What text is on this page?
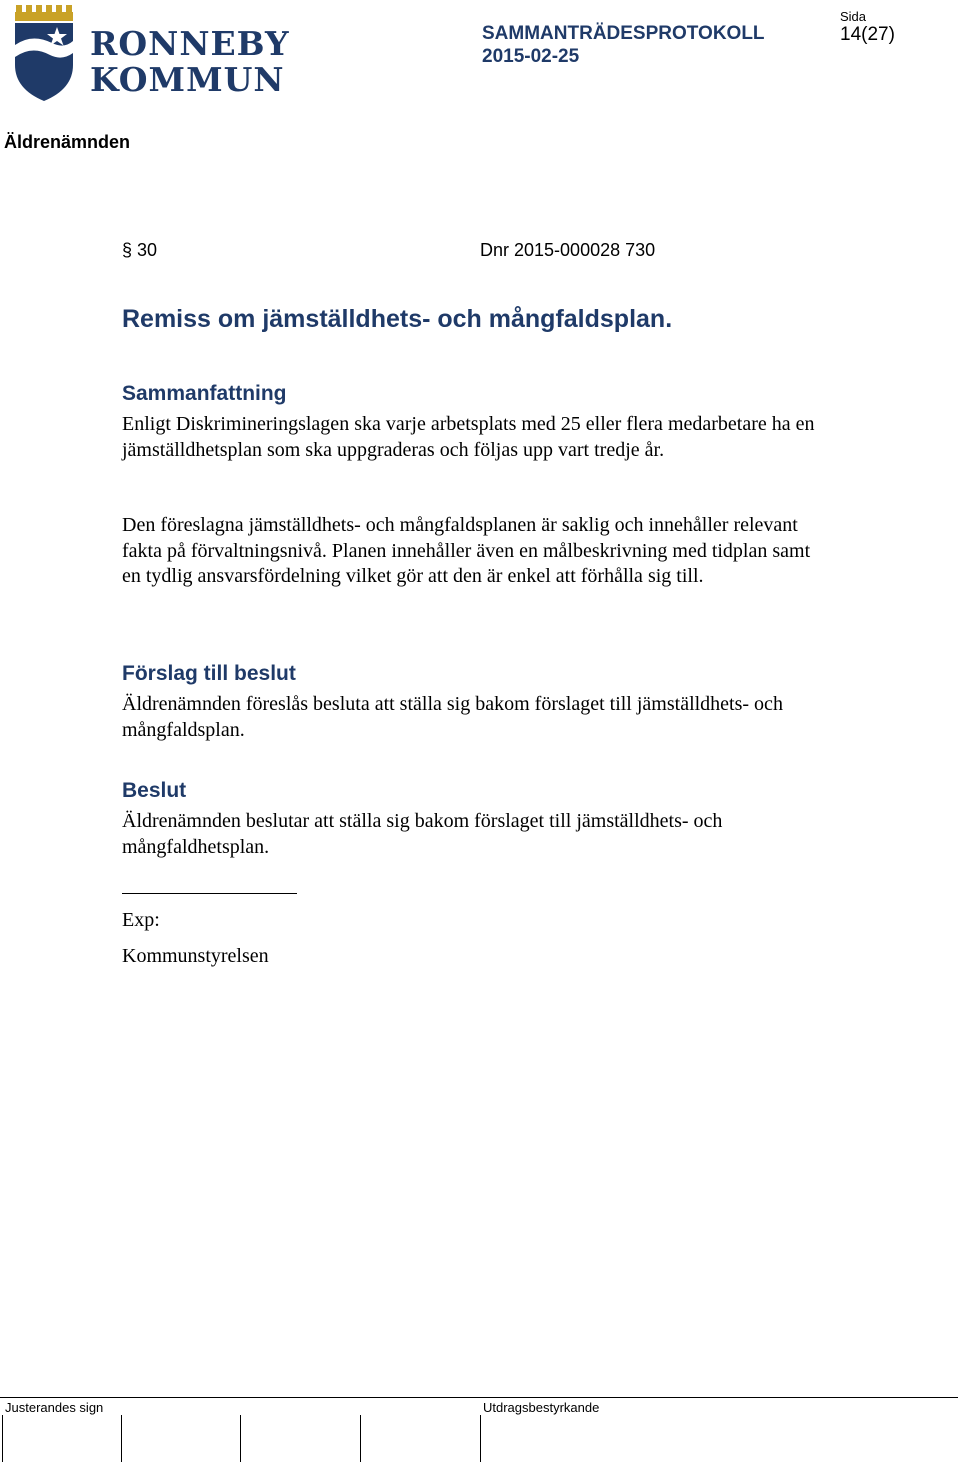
RONNEBY
KOMMUN
SAMMANTRÄDESPROTOKOLL
2015-02-25
Sida
14(27)
Äldrenämnden
§ 30	Dnr 2015-000028 730
Remiss om jämställdhets- och mångfaldsplan.
Sammanfattning
Enligt Diskrimineringslagen ska varje arbetsplats med 25 eller flera medarbetare ha en jämställdhetsplan som ska uppgraderas och följas upp vart tredje år.
Den föreslagna jämställdhets- och mångfaldsplanen är saklig och innehåller relevant fakta på förvaltningsnivå. Planen innehåller även en målbeskrivning med tidplan samt en tydlig ansvarsfördelning vilket gör att den är enkel att förhålla sig till.
Förslag till beslut
Äldrenämnden föreslås besluta att ställa sig bakom förslaget till jämställdhets- och mångfaldsplan.
Beslut
Äldrenämnden beslutar att ställa sig bakom förslaget till jämställdhets- och mångfaldhetsplan.
Exp:
Kommunstyrelsen
Justerandes sign	Utdragsbestyrkande
